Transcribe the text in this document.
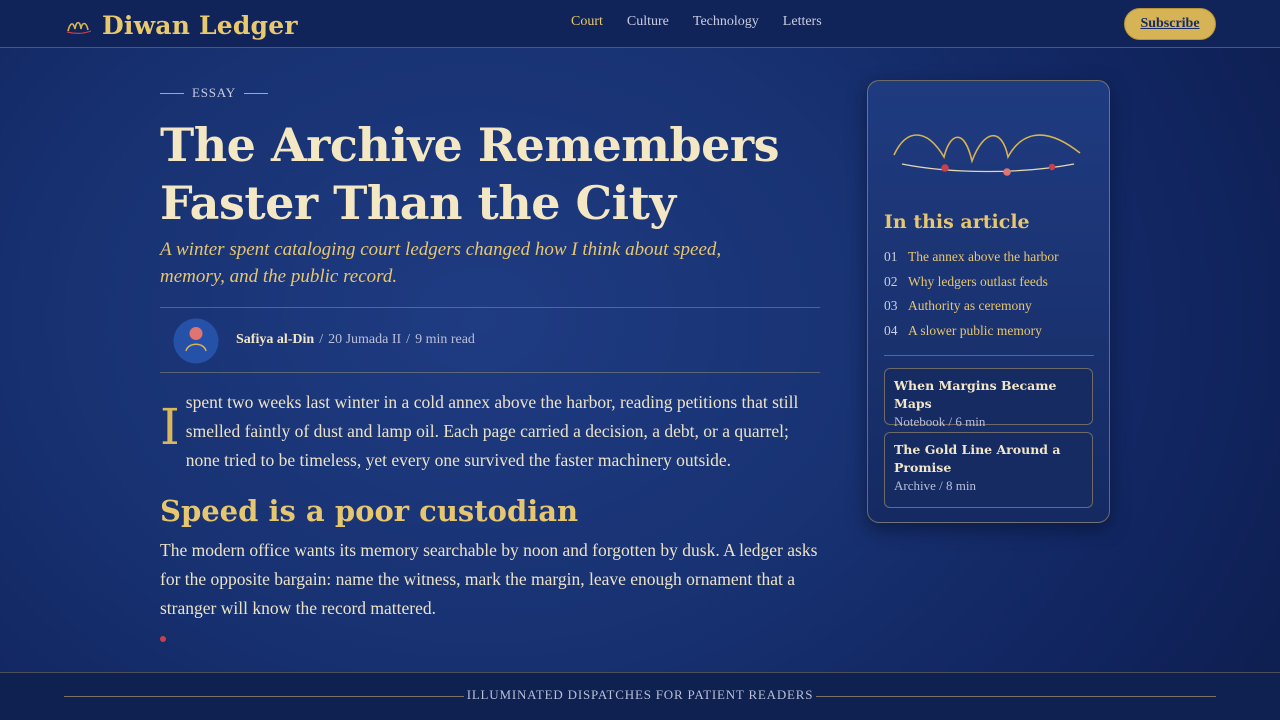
Diwan Ledger	Court Culture Technology Letters	Subscribe
ESSAY
The Archive Remembers Faster Than the City

A winter spent cataloging court ledgers changed how I think about speed, memory, and the public record.

Safiya al-Din / 20 Jumada II / 9 min read

Ispent two weeks last winter in a cold annex above the harbor, reading petitions that still smelled faintly of dust and lamp oil. Each page carried a decision, a debt, or a quarrel; none tried to be timeless, yet every one survived the faster machinery outside.

Speed is a poor custodian

The modern office wants its memory searchable by noon and forgotten by dusk. A ledger asks for the opposite bargain: name the witness, mark the margin, leave enough ornament that a stranger will know the record mattered.

In this article
01 The annex above the harbor
02 Why ledgers outlast feeds
03 Authority as ceremony
04 A slower public memory
When Margins Became Maps
Notebook / 6 min
The Gold Line Around a Promise
Archive / 8 min
ILLUMINATED DISPATCHES FOR PATIENT READERS
